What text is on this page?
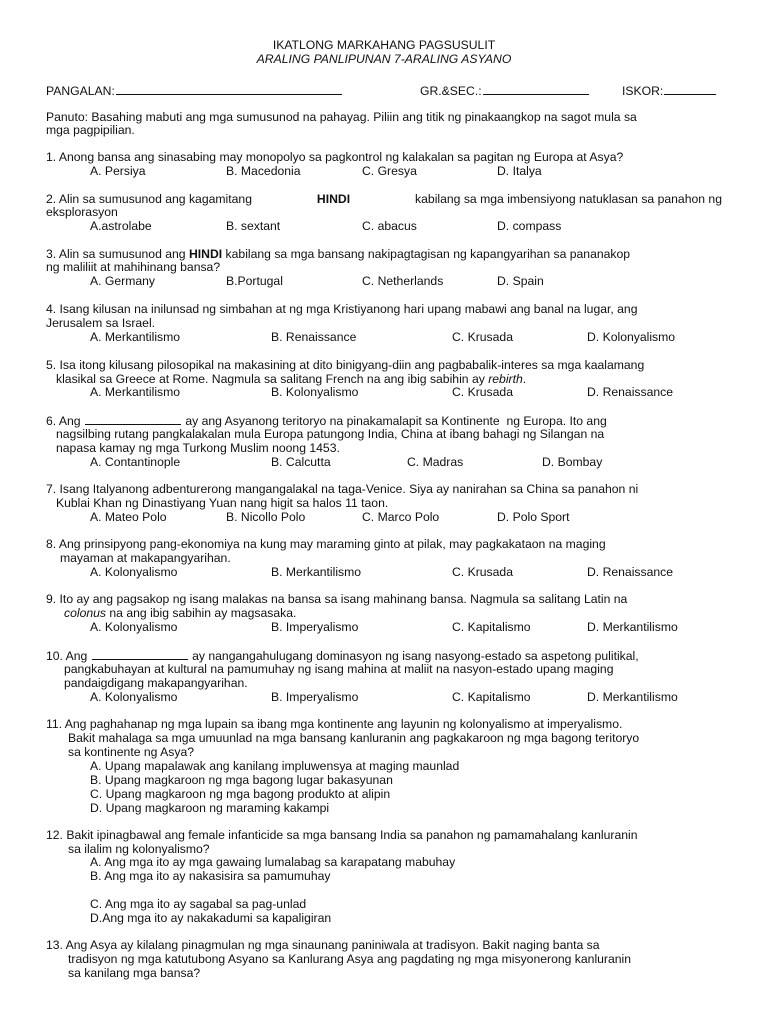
IKATLONG MARKAHANG PAGSUSULIT
ARALING PANLIPUNAN 7-ARALING ASYANO
PANGALAN:	GR.&SEC.:	ISKOR:
Panuto: Basahing mabuti ang mga sumusunod na pahayag. Piliin ang titik ng pinakaangkop na sagot mula sa
mga pagpipilian.
1. Anong bansa ang sinasabing may monopolyo sa pagkontrol ng kalakalan sa pagitan ng Europa at Asya?
A. Persiya	B. Macedonia	C. Gresya	D. Italya
2. Alin sa sumusunod ang kagamitang	HINDI	kabilang sa mga imbensiyong natuklasan sa panahon ng
eksplorasyon
A.astrolabe	B. sextant	C. abacus	D. compass
3. Alin sa sumusunod ang HINDI kabilang sa mga bansang nakipagtagisan ng kapangyarihan sa pananakop
ng maliliit at mahihinang bansa?
A. Germany	B.Portugal	C. Netherlands	D. Spain
4. Isang kilusan na inilunsad ng simbahan at ng mga Kristiyanong hari upang mabawi ang banal na lugar, ang
Jerusalem sa Israel.
A. Merkantilismo	B. Renaissance	C. Krusada	D. Kolonyalismo
5. Isa itong kilusang pilosopikal na makasining at dito binigyang-diin ang pagbabalik-interes sa mga kaalamang
klasikal sa Greece at Rome. Nagmula sa salitang French na ang ibig sabihin ay rebirth.
A. Merkantilismo	B. Kolonyalismo	C. Krusada	D. Renaissance
6. Ang	ay ang Asyanong teritoryo na pinakamalapit sa Kontinente  ng Europa. Ito ang
nagsilbing rutang pangkalakalan mula Europa patungong India, China at ibang bahagi ng Silangan na
napasa kamay ng mga Turkong Muslim noong 1453.
A. Contantinople	B. Calcutta	C. Madras	D. Bombay
7. Isang Italyanong adbenturerong mangangalakal na taga-Venice. Siya ay nanirahan sa China sa panahon ni
Kublai Khan ng Dinastiyang Yuan nang higit sa halos 11 taon.
A. Mateo Polo	B. Nicollo Polo	C. Marco Polo	D. Polo Sport
8. Ang prinsipyong pang-ekonomiya na kung may maraming ginto at pilak, may pagkakataon na maging
mayaman at makapangyarihan.
A. Kolonyalismo	B. Merkantilismo	C. Krusada	D. Renaissance
9. Ito ay ang pagsakop ng isang malakas na bansa sa isang mahinang bansa. Nagmula sa salitang Latin na
colonus na ang ibig sabihin ay magsasaka.
A. Kolonyalismo	B. Imperyalismo	C. Kapitalismo	D. Merkantilismo
10. Ang	ay nangangahulugang dominasyon ng isang nasyong-estado sa aspetong pulitikal,
pangkabuhayan at kultural na pamumuhay ng isang mahina at maliit na nasyon-estado upang maging
pandaigdigang makapangyarihan.
A. Kolonyalismo	B. Imperyalismo	C. Kapitalismo	D. Merkantilismo
11. Ang paghahanap ng mga lupain sa ibang mga kontinente ang layunin ng kolonyalismo at imperyalismo.
Bakit mahalaga sa mga umuunlad na mga bansang kanluranin ang pagkakaroon ng mga bagong teritoryo
sa kontinente ng Asya?
A. Upang mapalawak ang kanilang impluwensya at maging maunlad
B. Upang magkaroon ng mga bagong lugar bakasyunan
C. Upang magkaroon ng mga bagong produkto at alipin
D. Upang magkaroon ng maraming kakampi
12. Bakit ipinagbawal ang female infanticide sa mga bansang India sa panahon ng pamamahalang kanluranin
sa ilalim ng kolonyalismo?
A. Ang mga ito ay mga gawaing lumalabag sa karapatang mabuhay
B. Ang mga ito ay nakasisira sa pamumuhay
C. Ang mga ito ay sagabal sa pag-unlad
D.Ang mga ito ay nakakadumi sa kapaligiran
13. Ang Asya ay kilalang pinagmulan ng mga sinaunang paniniwala at tradisyon. Bakit naging banta sa
tradisyon ng mga katutubong Asyano sa Kanlurang Asya ang pagdating ng mga misyonerong kanluranin
sa kanilang mga bansa?
